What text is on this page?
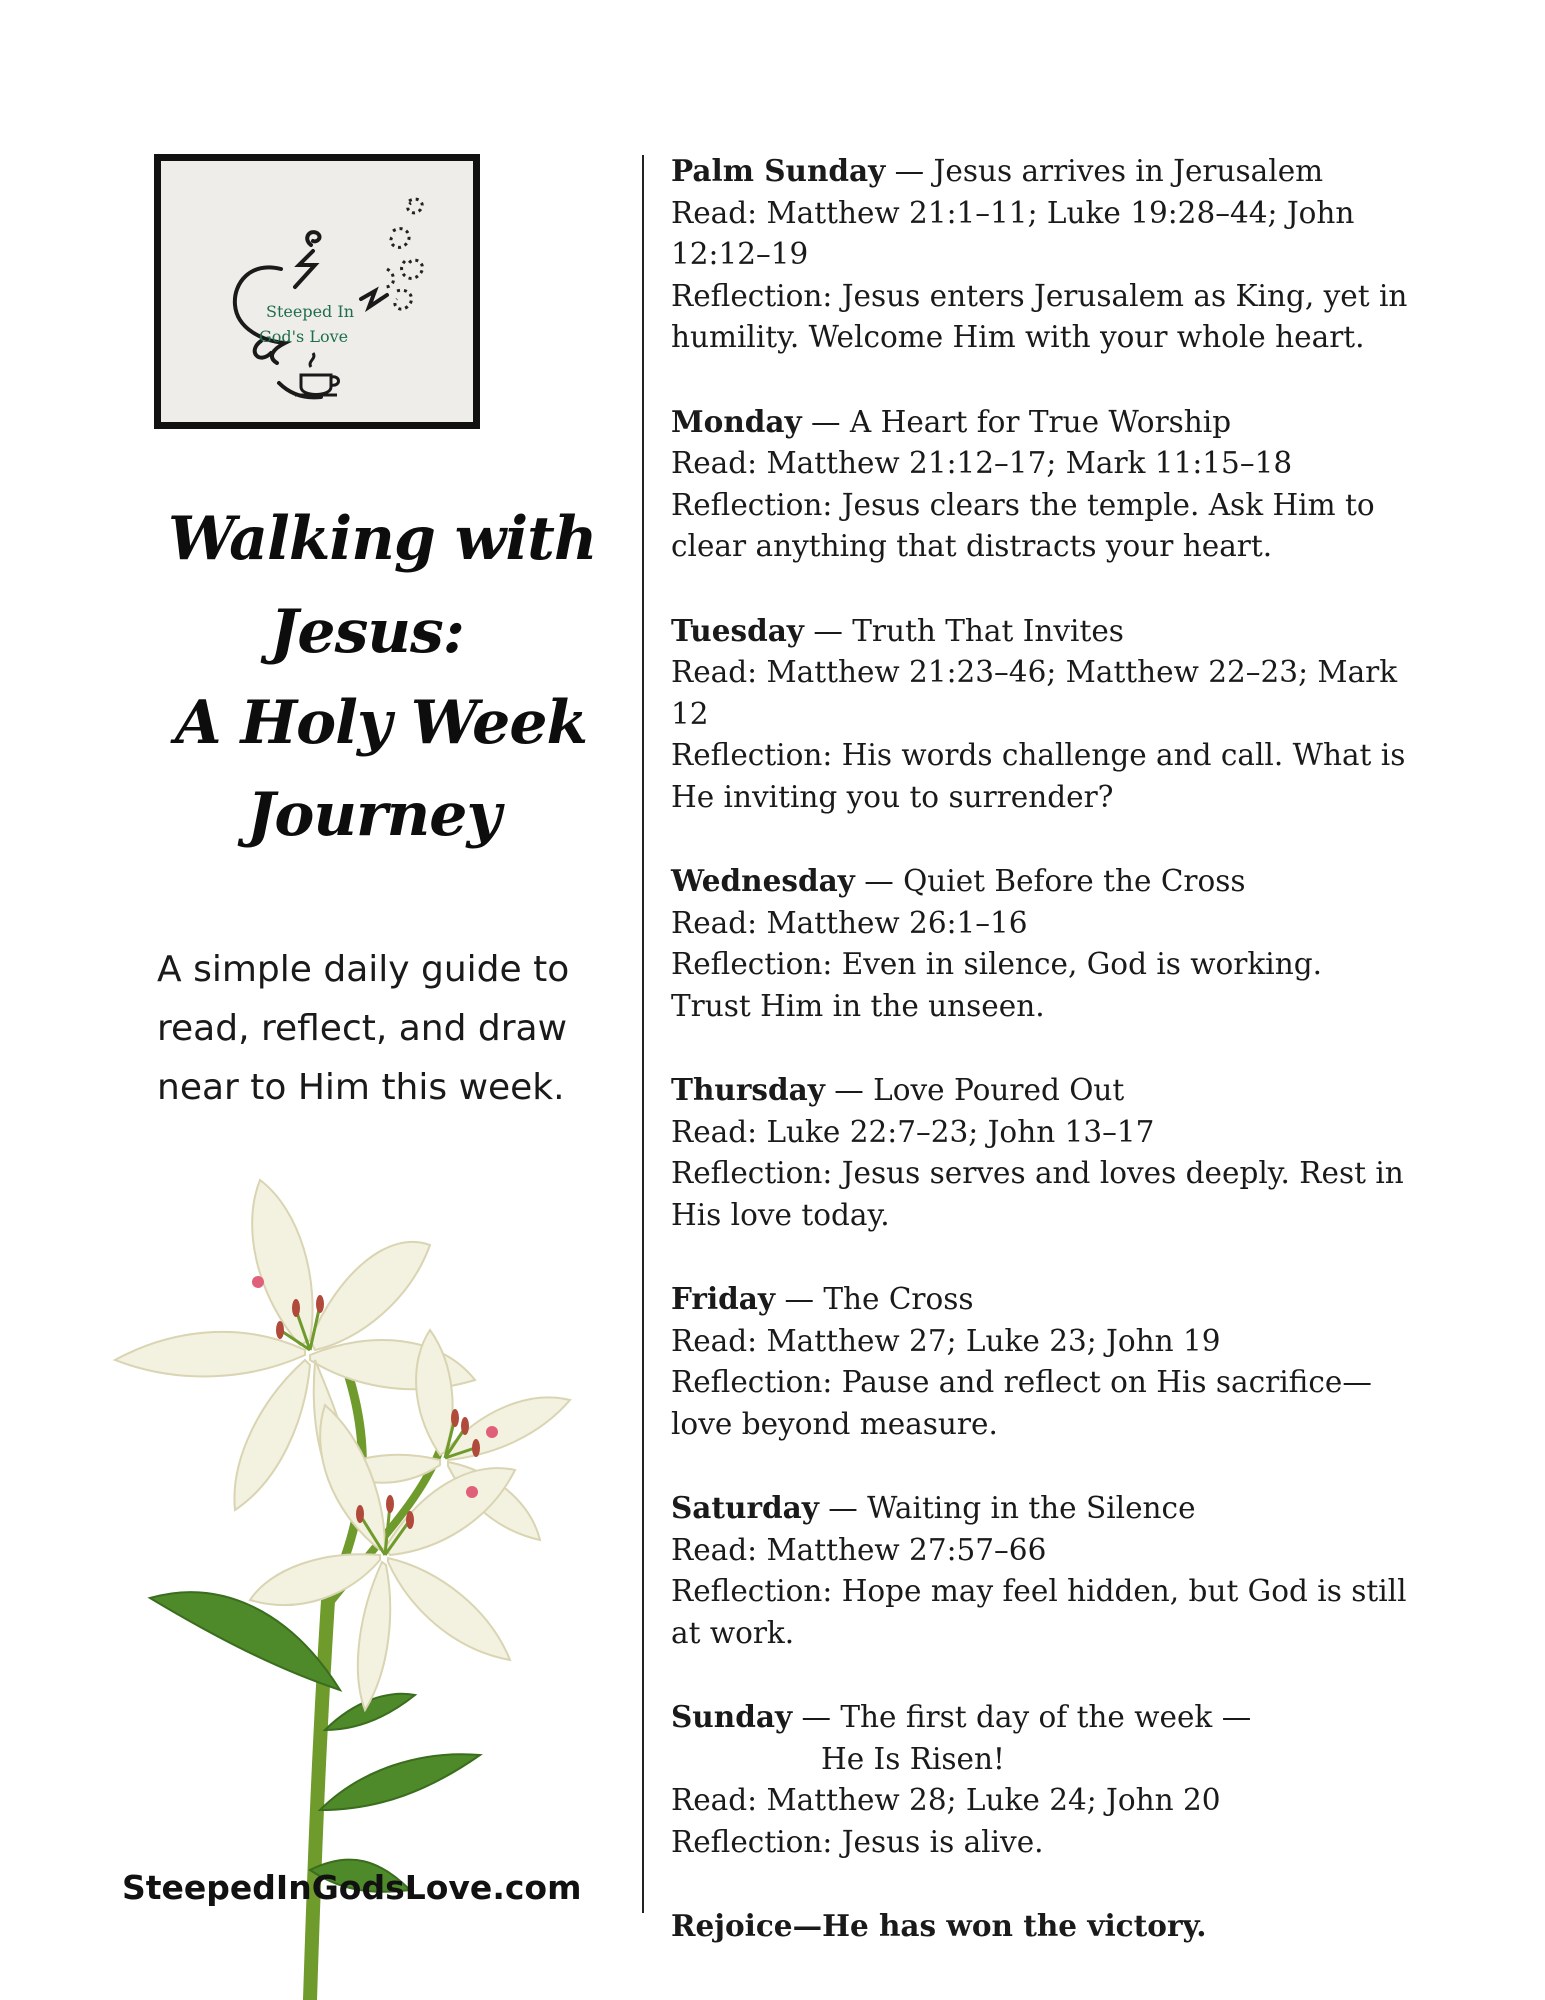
Steeped In
God's Love
Walking with
Jesus:
A Holy Week
Journey
A simple daily guide to read, reflect, and draw near to Him this week.
SteepedInGodsLove.com
Palm Sunday — Jesus arrives in Jerusalem
Read: Matthew 21:1–11; Luke 19:28–44; John 12:12–19
Reflection: Jesus enters Jerusalem as King, yet in humility. Welcome Him with your whole heart.
Monday — A Heart for True Worship
Read: Matthew 21:12–17; Mark 11:15–18
Reflection: Jesus clears the temple. Ask Him to clear anything that distracts your heart.
Tuesday — Truth That Invites
Read: Matthew 21:23–46; Matthew 22–23; Mark 12
Reflection: His words challenge and call. What is He inviting you to surrender?
Wednesday — Quiet Before the Cross
Read: Matthew 26:1–16
Reflection: Even in silence, God is working. Trust Him in the unseen.
Thursday — Love Poured Out
Read: Luke 22:7–23; John 13–17
Reflection: Jesus serves and loves deeply. Rest in His love today.
Friday — The Cross
Read: Matthew 27; Luke 23; John 19
Reflection: Pause and reflect on His sacrifice—love beyond measure.
Saturday — Waiting in the Silence
Read: Matthew 27:57–66
Reflection: Hope may feel hidden, but God is still at work.
Sunday — The first day of the week —
He Is Risen!
Read: Matthew 28; Luke 24; John 20
Reflection: Jesus is alive.
Rejoice—He has won the victory.
